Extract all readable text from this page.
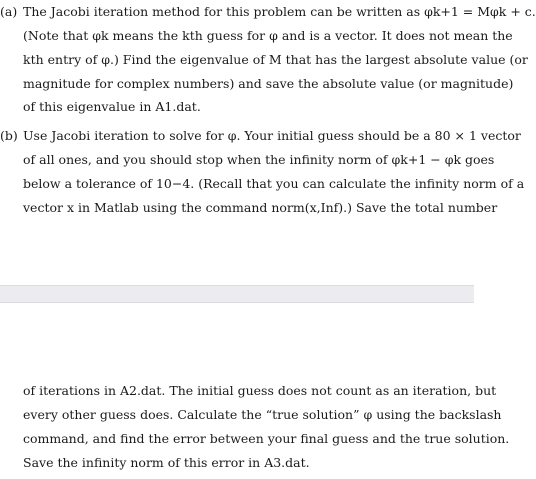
(a) The Jacobi iteration method for this problem can be written as φk+1 = Mφk + c.
(Note that φk means the kth guess for φ and is a vector. It does not mean the
kth entry of φ.) Find the eigenvalue of M that has the largest absolute value (or
magnitude for complex numbers) and save the absolute value (or magnitude)
of this eigenvalue in A1.dat.
(b) Use Jacobi iteration to solve for φ. Your initial guess should be a 80 × 1 vector
of all ones, and you should stop when the infinity norm of φk+1 − φk goes
below a tolerance of 10−4. (Recall that you can calculate the infinity norm of a
vector x in Matlab using the command norm(x,Inf).) Save the total number
of iterations in A2.dat. The initial guess does not count as an iteration, but
every other guess does. Calculate the “true solution” φ using the backslash
command, and find the error between your final guess and the true solution.
Save the infinity norm of this error in A3.dat.
